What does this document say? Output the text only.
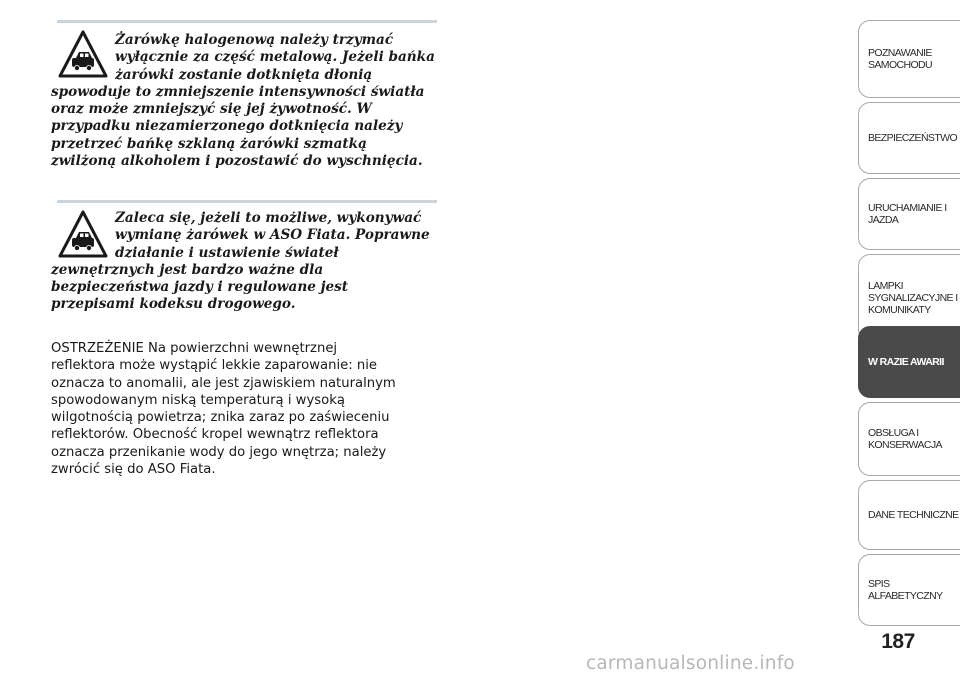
Żarówkę halogenową należy trzymać
wyłącznie za część metalową. Jeżeli bańka
żarówki zostanie dotknięta dłonią
spowoduje to zmniejszenie intensywności światła
oraz może zmniejszyć się jej żywotność. W
przypadku niezamierzonego dotknięcia należy
przetrzeć bańkę szklaną żarówki szmatką
zwilżoną alkoholem i pozostawić do wyschnięcia.
Zaleca się, jeżeli to możliwe, wykonywać
wymianę żarówek w ASO Fiata. Poprawne
działanie i ustawienie świateł
zewnętrznych jest bardzo ważne dla
bezpieczeństwa jazdy i regulowane jest
przepisami kodeksu drogowego.
OSTRZEŻENIE Na powierzchni wewnętrznej
reflektora może wystąpić lekkie zaparowanie: nie
oznacza to anomalii, ale jest zjawiskiem naturalnym
spowodowanym niską temperaturą i wysoką
wilgotnością powietrza; znika zaraz po zaświeceniu
reflektorów. Obecność kropel wewnątrz reflektora
oznacza przenikanie wody do jego wnętrza; należy
zwrócić się do ASO Fiata.
POZNAWANIE
SAMOCHODU
BEZPIECZEŃSTWO
URUCHAMIANIE I
JAZDA
LAMPKI
SYGNALIZACYJNE I
KOMUNIKATY
W RAZIE AWARII
OBSŁUGA I
KONSERWACJA
DANE TECHNICZNE
SPIS ALFABETYCZNY
187
carmanualsonline.info
